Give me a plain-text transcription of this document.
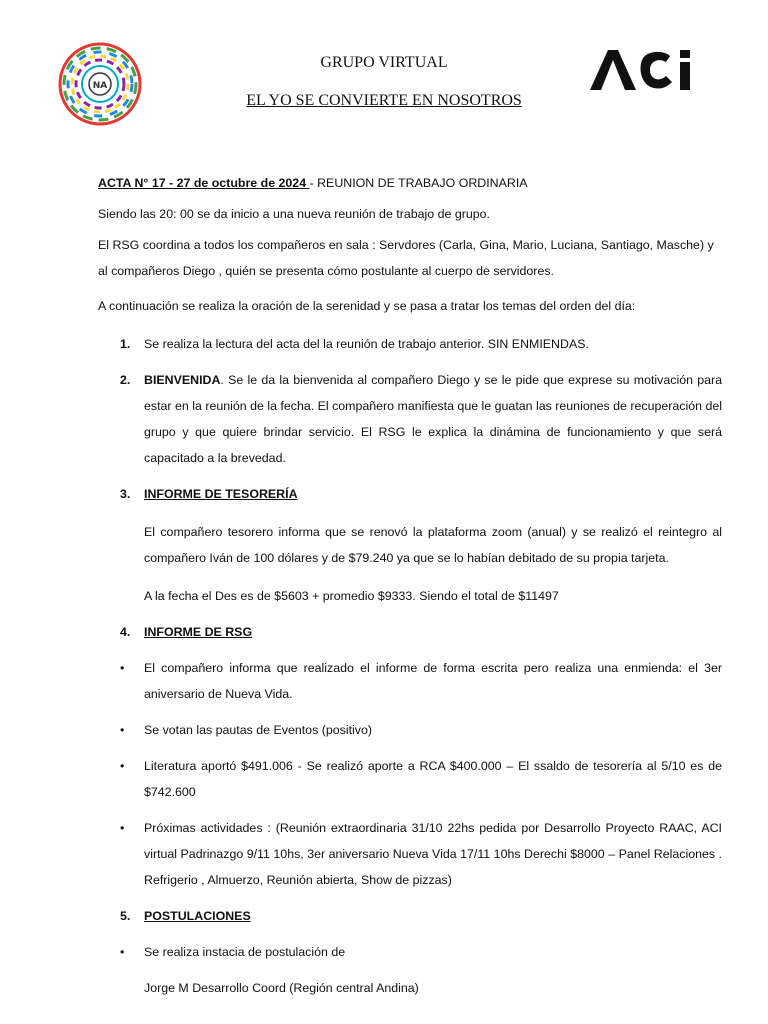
NA
GRUPO VIRTUAL
EL YO SE CONVIERTE EN NOSOTROS
ACTA N° 17 - 27 de octubre de 2024 - REUNION DE TRABAJO ORDINARIA
Siendo las 20: 00 se da inicio a una nueva reunión de trabajo de grupo.
El RSG coordina a todos los compañeros en sala : Servdores (Carla, Gina, Mario, Luciana, Santiago, Masche) y al compañeros Diego , quién se presenta cómo postulante al cuerpo de servidores.
A continuación se realiza la oración de la serenidad y se pasa a tratar los temas del orden del día:
1. Se realiza la lectura del acta del la reunión de trabajo anterior. SIN ENMIENDAS.
2. BIENVENIDA. Se le da la bienvenida al compañero Diego y se le pide que exprese su motivación para estar en la reunión de la fecha. El compañero manifiesta que le guatan las reuniones de recuperación del grupo y que quiere brindar servicio. El RSG le explica la dinámina de funcionamiento y que será capacitado a la brevedad.
3. INFORME DE TESORERÍA
El compañero tesorero informa que se renovó la plataforma zoom (anual) y se realizó el reintegro al compañero Iván de 100 dólares y de $79.240 ya que se lo habían debitado de su propia tarjeta.
A la fecha el Des es de $5603 + promedio $9333. Siendo el total de $11497
4. INFORME DE RSG
• El compañero informa que realizado el informe de forma escrita pero realiza una enmienda: el 3er aniversario de Nueva Vida.
• Se votan las pautas de Eventos (positivo)
• Literatura aportó $491.006 - Se realizó aporte a RCA $400.000 – El ssaldo de tesorería al 5/10 es de $742.600
• Próximas actividades : (Reunión extraordinaria 31/10 22hs pedida por Desarrollo Proyecto RAAC, ACI virtual Padrinazgo 9/11 10hs, 3er aniversario Nueva Vida 17/11 10hs Derechi $8000 – Panel Relaciones . Refrigerio , Almuerzo, Reunión abierta, Show de pizzas)
5. POSTULACIONES
• Se realiza instacia de postulación de
Jorge M Desarrollo Coord (Región central Andina)
